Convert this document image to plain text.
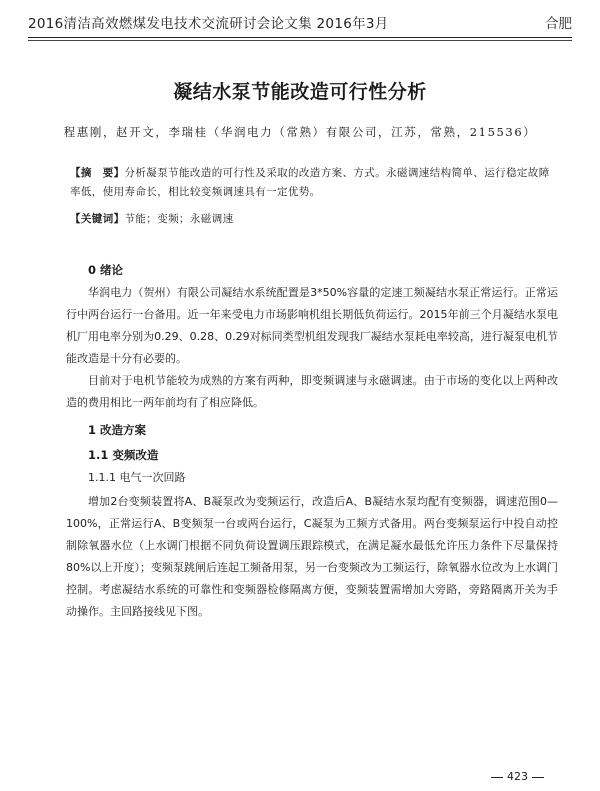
2016清洁高效燃煤发电技术交流研讨会论文集 2016年3月	合肥
凝结水泵节能改造可行性分析
程惠刚，赵开文，李瑞桂（华润电力（常熟）有限公司，江苏，常熟，215536）
【摘　要】分析凝泵节能改造的可行性及采取的改造方案、方式。永磁调速结构简单、运行稳定故障率低，使用寿命长，相比较变频调速具有一定优势。
【关键词】节能；变频；永磁调速
0 绪论
华润电力（贺州）有限公司凝结水系统配置是3*50%容量的定速工频凝结水泵正常运行。正常运行中两台运行一台备用。近一年来受电力市场影响机组长期低负荷运行。2015年前三个月凝结水泵电机厂用电率分别为0.29、0.28、0.29对标同类型机组发现我厂凝结水泵耗电率较高，进行凝泵电机节能改造是十分有必要的。
目前对于电机节能较为成熟的方案有两种，即变频调速与永磁调速。由于市场的变化以上两种改造的费用相比一两年前均有了相应降低。
1 改造方案
1.1 变频改造
1.1.1 电气一次回路
增加2台变频装置将A、B凝泵改为变频运行，改造后A、B凝结水泵均配有变频器，调速范围0—100%，正常运行A、B变频泵一台或两台运行，C凝泵为工频方式备用。两台变频泵运行中投自动控制除氧器水位（上水调门根据不同负荷设置调压跟踪模式，在满足凝水最低允许压力条件下尽量保持80%以上开度）；变频泵跳闸后连起工频备用泵，另一台变频改为工频运行，除氧器水位改为上水调门控制。考虑凝结水系统的可靠性和变频器检修隔离方便，变频装置需增加大旁路，旁路隔离开关为手动操作。主回路接线见下图。
423
